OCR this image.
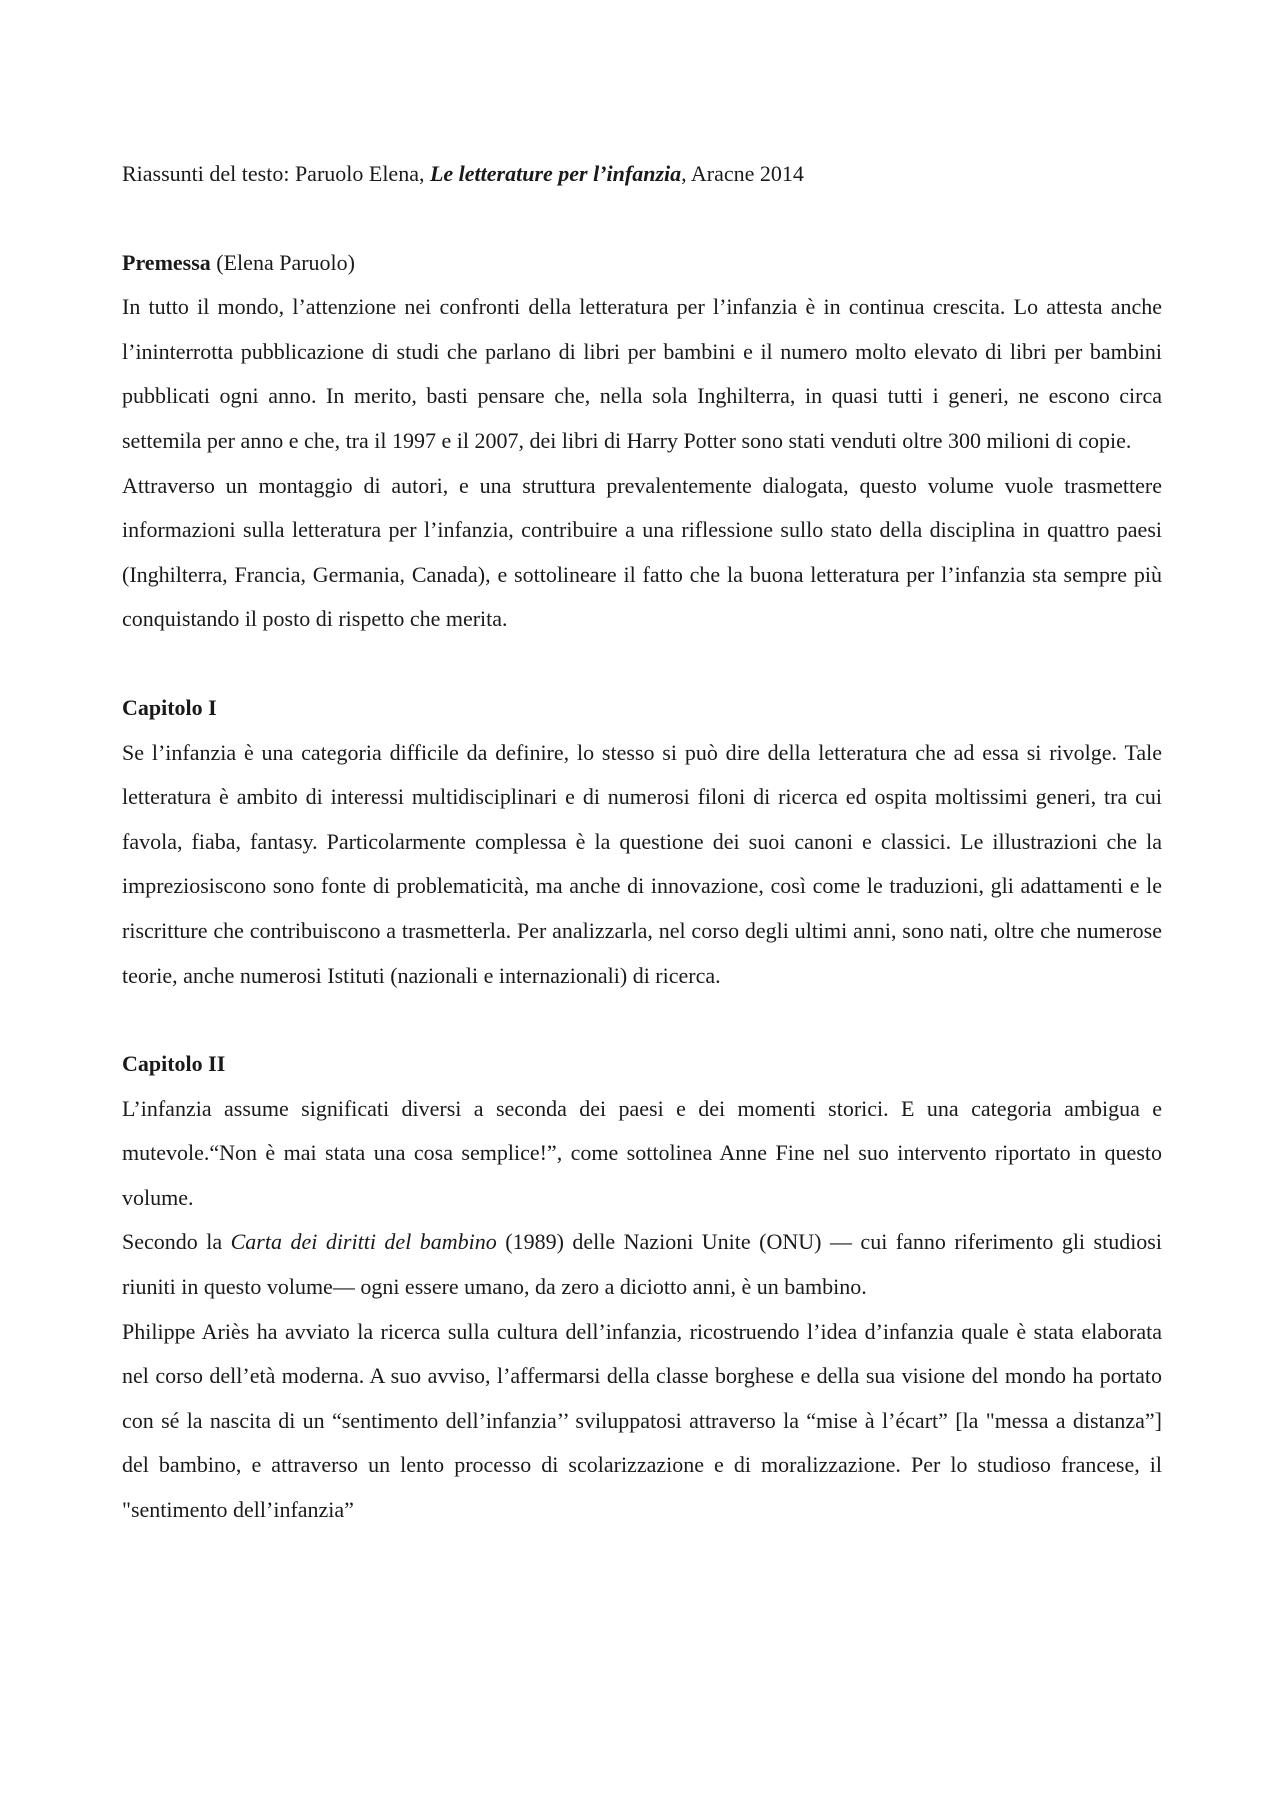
Riassunti del testo: Paruolo Elena, Le letterature per l’infanzia, Aracne 2014

Premessa (Elena Paruolo)

In tutto il mondo, l’attenzione nei confronti della letteratura per l’infanzia è in continua crescita. Lo attesta anche l’ininterrotta pubblicazione di studi che parlano di libri per bambini e il numero molto elevato di libri per bambini pubblicati ogni anno. In merito, basti pensare che, nella sola Inghilterra, in quasi tutti i generi, ne escono circa settemila per anno e che, tra il 1997 e il 2007, dei libri di Harry Potter sono stati venduti oltre 300 milioni di copie.

Attraverso un montaggio di autori, e una struttura prevalentemente dialogata, questo volume vuole trasmettere informazioni sulla letteratura per l’infanzia, contribuire a una riflessione sullo stato della disciplina in quattro paesi (Inghilterra, Francia, Germania, Canada), e sottolineare il fatto che la buona letteratura per l’infanzia sta sempre più conquistando il posto di rispetto che merita.

Capitolo I

Se l’infanzia è una categoria difficile da definire, lo stesso si può dire della letteratura che ad essa si rivolge. Tale letteratura è ambito di interessi multidisciplinari e di numerosi filoni di ricerca ed ospita moltissimi generi, tra cui favola, fiaba, fantasy. Particolarmente complessa è la questione dei suoi canoni e classici. Le illustrazioni che la impreziosiscono sono fonte di problematicità, ma anche di innovazione, così come le traduzioni, gli adattamenti e le riscritture che contribuiscono a trasmetterla. Per analizzarla, nel corso degli ultimi anni, sono nati, oltre che numerose teorie, anche numerosi Istituti (nazionali e internazionali) di ricerca.

Capitolo II

L’infanzia assume significati diversi a seconda dei paesi e dei momenti storici. E una categoria ambigua e mutevole.“Non è mai stata una cosa semplice!”, come sottolinea Anne Fine nel suo intervento riportato in questo volume.

Secondo la Carta dei diritti del bambino (1989) delle Nazioni Unite (ONU) — cui fanno riferimento gli studiosi riuniti in questo volume— ogni essere umano, da zero a diciotto anni, è un bambino.

Philippe Ariès ha avviato la ricerca sulla cultura dell’infanzia, ricostruendo l’idea d’infanzia quale è stata elaborata nel corso dell’età moderna. A suo avviso, l’affermarsi della classe borghese e della sua visione del mondo ha portato con sé la nascita di un “sentimento dell’infanzia’’ sviluppatosi attraverso la “mise à l’écart” [la "messa a distanza”] del bambino, e attraverso un lento processo di scolarizzazione e di moralizzazione. Per lo studioso francese, il "sentimento dell’infanzia”
